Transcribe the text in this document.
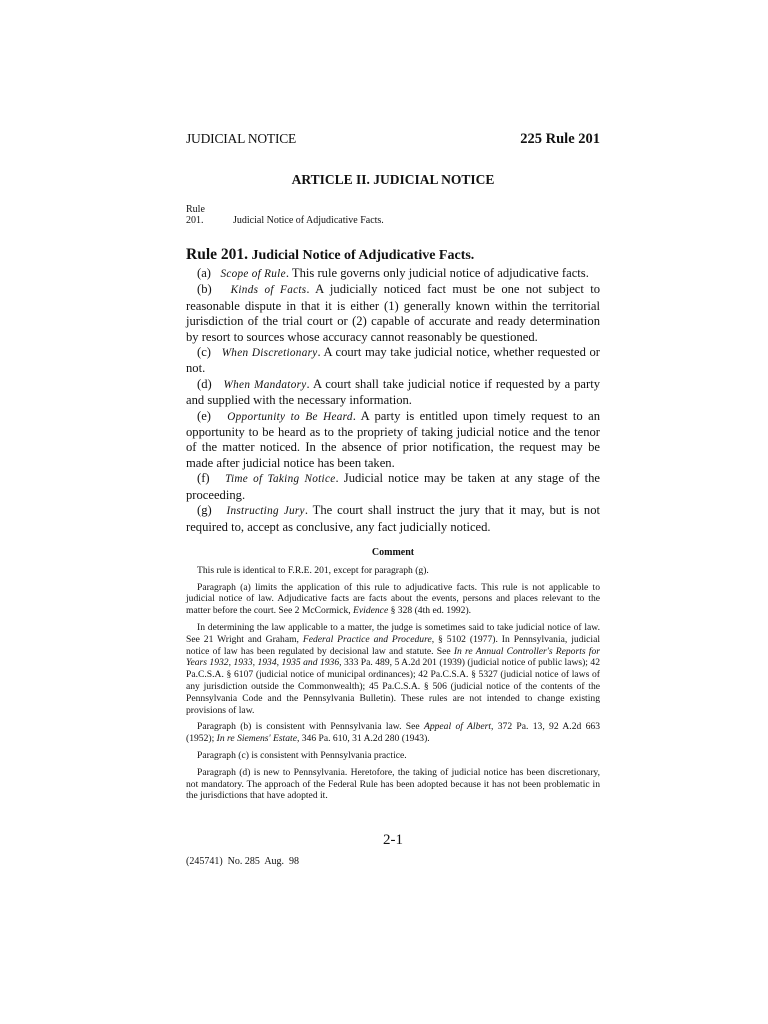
JUDICIAL NOTICE	225 Rule 201
ARTICLE II. JUDICIAL NOTICE
Rule
201.	Judicial Notice of Adjudicative Facts.
Rule 201. Judicial Notice of Adjudicative Facts.

(a) Scope of Rule. This rule governs only judicial notice of adjudicative facts.

(b) Kinds of Facts. A judicially noticed fact must be one not subject to reasonable dispute in that it is either (1) generally known within the territorial jurisdiction of the trial court or (2) capable of accurate and ready determination by resort to sources whose accuracy cannot reasonably be questioned.

(c) When Discretionary. A court may take judicial notice, whether requested or not.

(d) When Mandatory. A court shall take judicial notice if requested by a party and supplied with the necessary information.

(e) Opportunity to Be Heard. A party is entitled upon timely request to an opportunity to be heard as to the propriety of taking judicial notice and the tenor of the matter noticed. In the absence of prior notification, the request may be made after judicial notice has been taken.

(f) Time of Taking Notice. Judicial notice may be taken at any stage of the proceeding.

(g) Instructing Jury. The court shall instruct the jury that it may, but is not required to, accept as conclusive, any fact judicially noticed.

Comment

This rule is identical to F.R.E. 201, except for paragraph (g).

Paragraph (a) limits the application of this rule to adjudicative facts. This rule is not applicable to judicial notice of law. Adjudicative facts are facts about the events, persons and places relevant to the matter before the court. See 2 McCormick, Evidence § 328 (4th ed. 1992).

In determining the law applicable to a matter, the judge is sometimes said to take judicial notice of law. See 21 Wright and Graham, Federal Practice and Procedure, § 5102 (1977). In Pennsylvania, judicial notice of law has been regulated by decisional law and statute. See In re Annual Controller's Reports for Years 1932, 1933, 1934, 1935 and 1936, 333 Pa. 489, 5 A.2d 201 (1939) (judicial notice of public laws); 42 Pa.C.S.A. § 6107 (judicial notice of municipal ordinances); 42 Pa.C.S.A. § 5327 (judicial notice of laws of any jurisdiction outside the Commonwealth); 45 Pa.C.S.A. § 506 (judicial notice of the contents of the Pennsylvania Code and the Pennsylvania Bulletin). These rules are not intended to change existing provisions of law.

Paragraph (b) is consistent with Pennsylvania law. See Appeal of Albert, 372 Pa. 13, 92 A.2d 663 (1952); In re Siemens' Estate, 346 Pa. 610, 31 A.2d 280 (1943).

Paragraph (c) is consistent with Pennsylvania practice.

Paragraph (d) is new to Pennsylvania. Heretofore, the taking of judicial notice has been discretionary, not mandatory. The approach of the Federal Rule has been adopted because it has not been problematic in the jurisdictions that have adopted it.

2-1
(245741)  No. 285  Aug.  98
